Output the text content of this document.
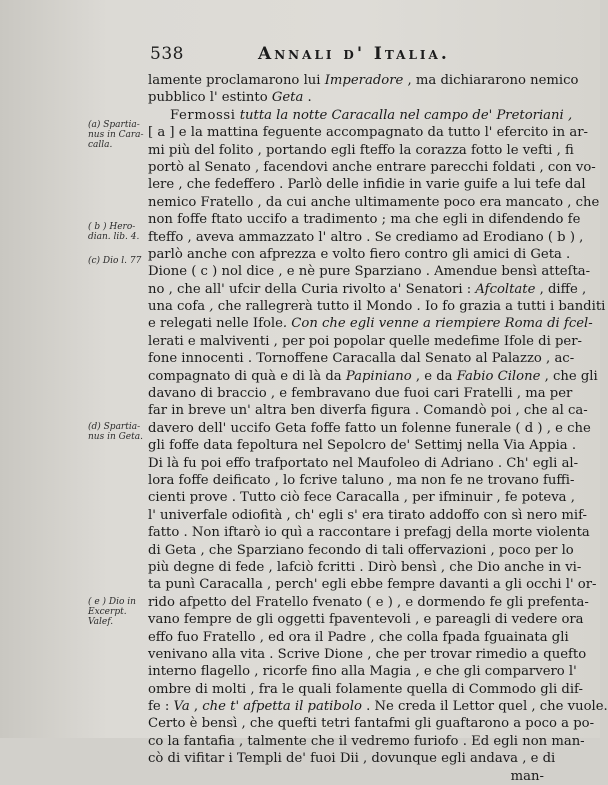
538	Annali d' Italia.
(a) Spartia-
nus in Cara-
calla.
( b ) Hero-
dian. lib. 4.
(c) Dio l. 77
(d) Spartia-
nus in Geta.
( e ) Dio in
Excerpt.
Valef.
lamente proclamarono lui Imperadore , ma dichiararono nemico
pubblico l' estinto Geta .
Fermossi tutta la notte Caracalla nel campo de' Pretoriani ,
[ a ] e la mattina feguente accompagnato da tutto l' efercito in ar-
mi più del folito , portando egli fteffo la corazza fotto le vefti , fi
portò al Senato , facendovi anche entrare parecchi foldati , con vo-
lere , che fedeffero . Parlò delle infidie in varie guife a lui tefe dal
nemico Fratello , da cui anche ultimamente poco era mancato , che
non foffe ftato uccifo a tradimento ; ma che egli in difendendo fe
fteffo , aveva ammazzato l' altro . Se crediamo ad Erodiano ( b ) ,
parlò anche con afprezza e volto fiero contro gli amici di Geta .
Dione ( c ) nol dice , e nè pure Sparziano . Amendue bensì atteſta-
no , che all' ufcir della Curia rivolto a' Senatori : Afcoltate , diffe ,
una cofa , che rallegrerà tutto il Mondo . Io fo grazia a tutti i banditi
e relegati nelle Ifole. Con che egli venne a riempiere Roma di fcel-
lerati e malviventi , per poi popolar quelle medefime Ifole di per-
fone innocenti . Tornoffene Caracalla dal Senato al Palazzo , ac-
compagnato di quà e di là da Papiniano , e da Fabio Cilone , che gli
davano di braccio , e fembravano due fuoi cari Fratelli , ma per
far in breve un' altra ben diverfa figura . Comandò poi , che al ca-
davero dell' uccifo Geta foffe fatto un folenne funerale ( d ) , e che
gli foffe data fepoltura nel Sepolcro de' Settimj nella Via Appia .
Di là fu poi effo trafportato nel Maufoleo di Adriano . Ch' egli al-
lora foffe deificato , lo fcrive taluno , ma non fe ne trovano fuffi-
cienti prove . Tutto ciò fece Caracalla , per ifminuir , fe poteva ,
l' univerfale odiofità , ch' egli s' era tirato addoffo con sì nero mif-
fatto . Non iftarò io quì a raccontare i prefagj della morte violenta
di Geta , che Sparziano fecondo di tali offervazioni , poco per lo
più degne di fede , lafciò fcritti . Dirò bensì , che Dio anche in vi-
ta punì Caracalla , perch' egli ebbe fempre davanti a gli occhi l' or-
rido afpetto del Fratello fvenato ( e ) , e dormendo fe gli prefenta-
vano fempre de gli oggetti fpaventevoli , e pareagli di vedere ora
effo fuo Fratello , ed ora il Padre , che colla fpada fguainata gli
venivano alla vita . Scrive Dione , che per trovar rimedio a quefto
interno flagello , ricorfe fino alla Magia , e che gli comparvero l'
ombre di molti , fra le quali folamente quella di Commodo gli dif-
fe : Va , che t' afpetta il patibolo . Ne creda il Lettor quel , che vuole.
Certo è bensì , che quefti tetri fantafmi gli guaftarono a poco a po-
co la fantafia , talmente che il vedremo furiofo . Ed egli non man-
cò di vifitar i Templi de' fuoi Dii , dovunque egli andava , e di
man-
